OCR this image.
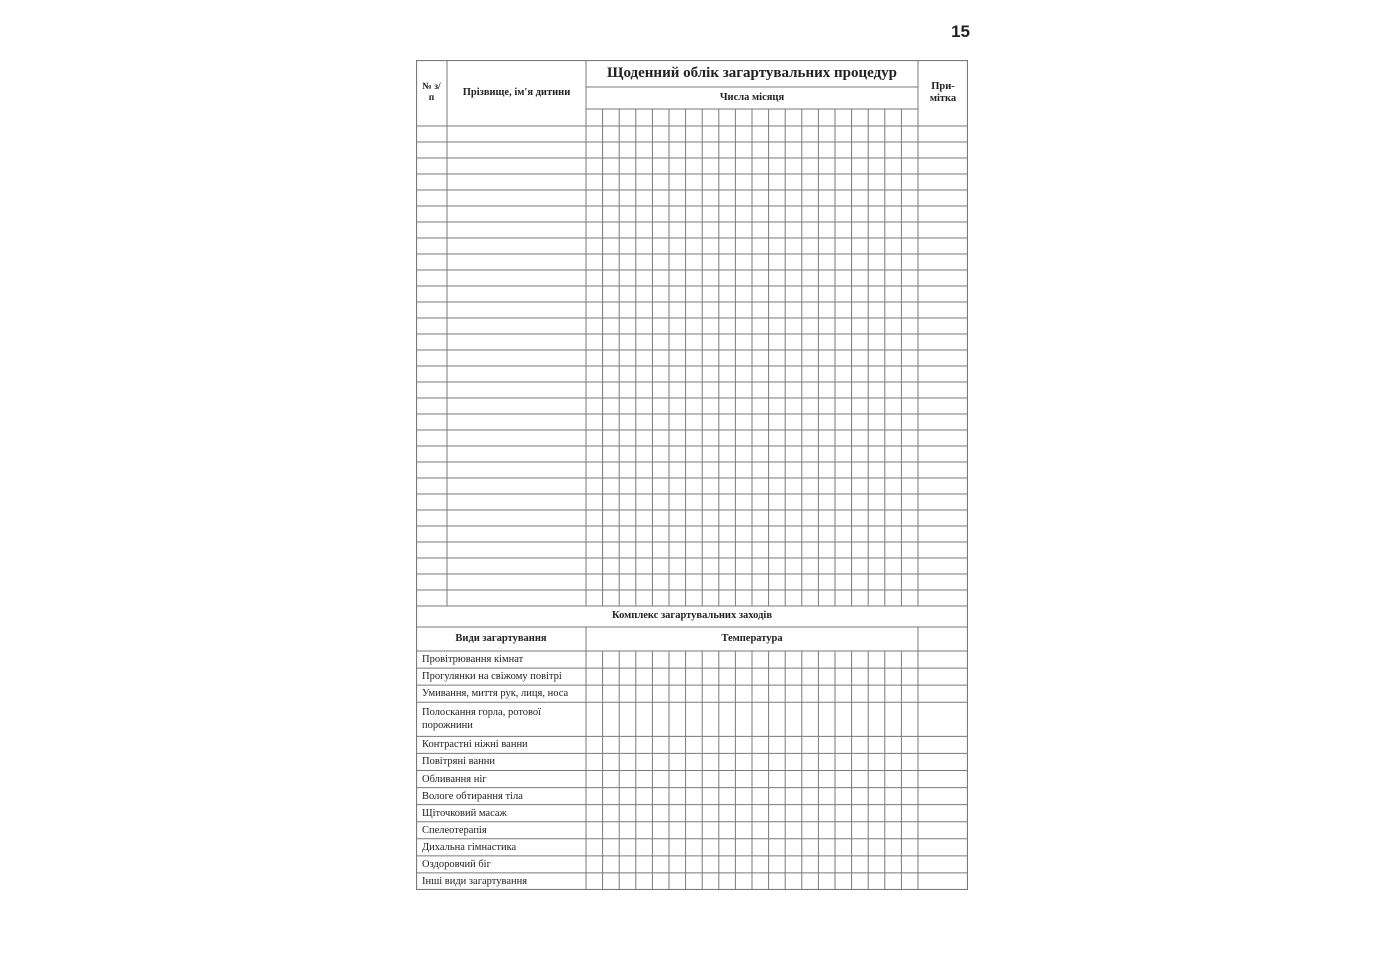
15
№ з/п
Прізвище, ім'я дитини
Щоденний облік загартувальних процедур
Числа місяця
При-мітка
Комплекс загартувальних заходів
Види загартування	Температура
Провітрювання кімнат
Прогулянки на свіжому повітрі
Умивання, миття рук, лиця, носа
Полоскання горла, ротової порожнини
Контрастні ніжні ванни
Повітряні ванни
Обливання ніг
Вологе обтирання тіла
Щіточковий масаж
Спелеотерапія
Дихальна гімнастика
Оздоровчий біг
Інші види загартування
